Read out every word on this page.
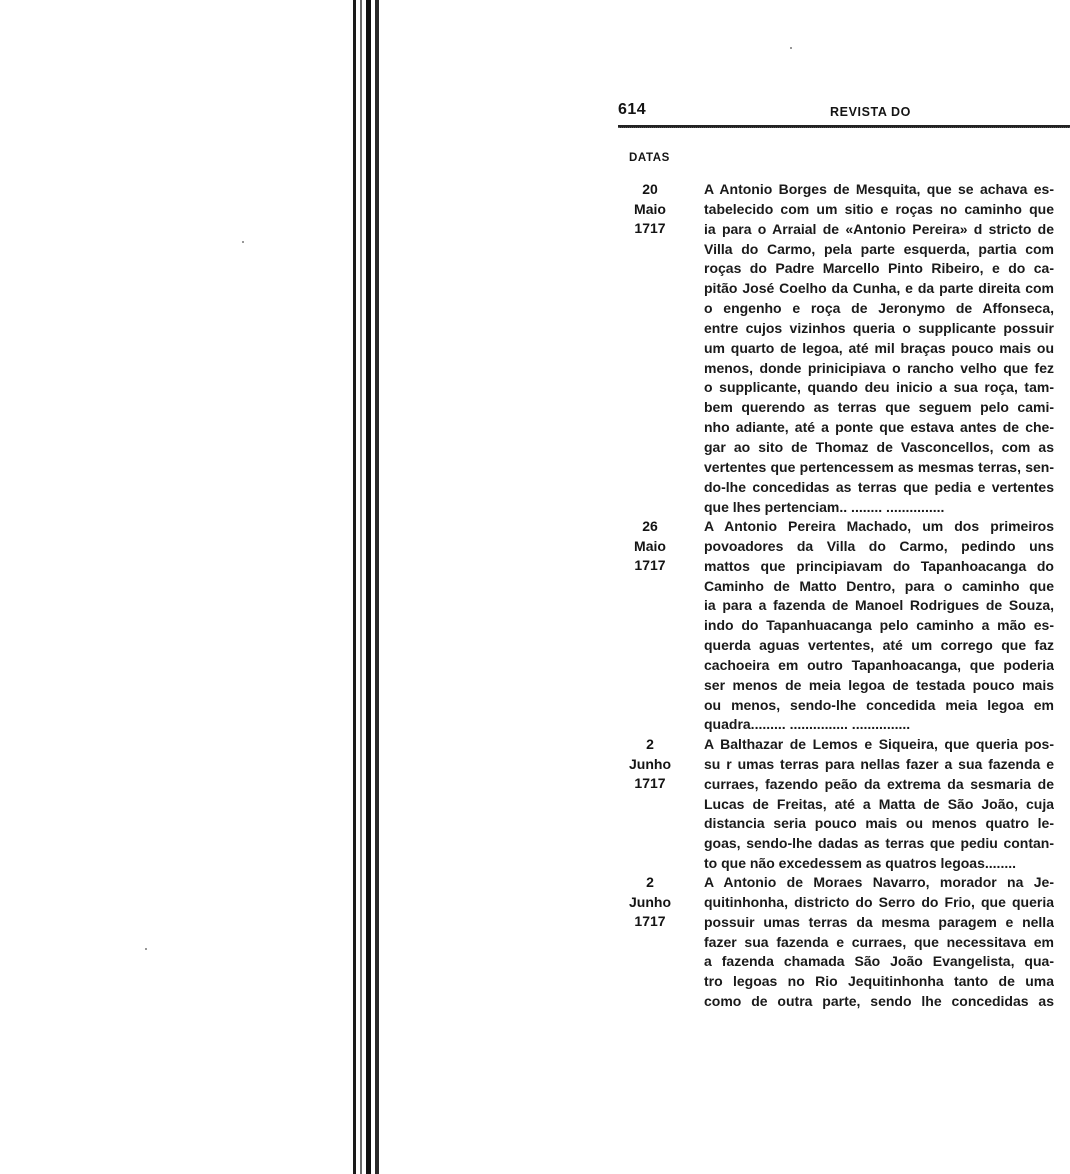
614	REVISTA DO
DATAS
20
Maio
1717
A Antonio Borges de Mesquita, que se achava es-
tabelecido com um sitio e roças no caminho que
ia para o Arraial de «Antonio Pereira» d stricto de
Villa do Carmo, pela parte esquerda, partia com
roças do Padre Marcello Pinto Ribeiro, e do ca-
pitão José Coelho da Cunha, e da parte direita com
o engenho e roça de Jeronymo de Affonseca,
entre cujos vizinhos queria o supplicante possuir
um quarto de legoa, até mil braças pouco mais ou
menos, donde prinicipiava o rancho velho que fez
o supplicante, quando deu inicio a sua roça, tam-
bem querendo as terras que seguem pelo cami-
nho adiante, até a ponte que estava antes de che-
gar ao sito de Thomaz de Vasconcellos, com as
vertentes que pertencessem as mesmas terras, sen-
do-lhe concedidas as terras que pedia e vertentes
que lhes pertenciam.. ........ ...............
26
Maio
1717
A Antonio Pereira Machado, um dos primeiros
povoadores da Villa do Carmo, pedindo uns
mattos que principiavam do Tapanhoacanga do
Caminho de Matto Dentro, para o caminho que
ia para a fazenda de Manoel Rodrigues de Souza,
indo do Tapanhuacanga pelo caminho a mão es-
querda aguas vertentes, até um corrego que faz
cachoeira em outro Tapanhoacanga, que poderia
ser menos de meia legoa de testada pouco mais
ou menos, sendo-lhe concedida meia legoa em
quadra......... ............... ...............
2
Junho
1717
A Balthazar de Lemos e Siqueira, que queria pos-
su r umas terras para nellas fazer a sua fazenda e
curraes, fazendo peão da extrema da sesmaria de
Lucas de Freitas, até a Matta de São João, cuja
distancia seria pouco mais ou menos quatro le-
goas, sendo-lhe dadas as terras que pediu contan-
to que não excedessem as quatros legoas........
2
Junho
1717
A Antonio de Moraes Navarro, morador na Je-
quitinhonha, districto do Serro do Frio, que queria
possuir umas terras da mesma paragem e nella
fazer sua fazenda e curraes, que necessitava em
a fazenda chamada São João Evangelista, qua-
tro legoas no Rio Jequitinhonha tanto de uma
como de outra parte, sendo lhe concedidas as
